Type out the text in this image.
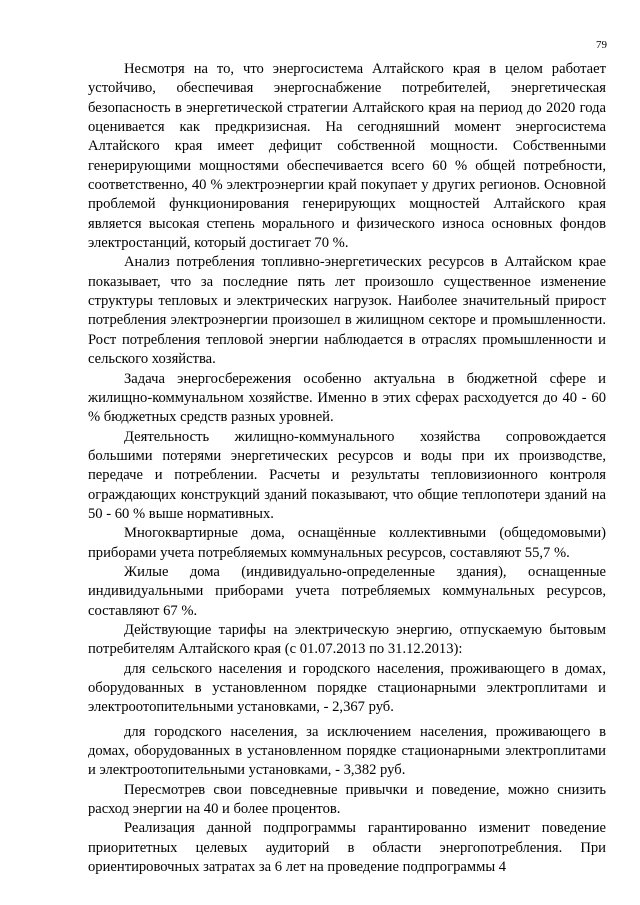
79

Несмотря на то, что энергосистема Алтайского края в целом работает устойчиво, обеспечивая энергоснабжение потребителей, энергетическая безопасность в энергетической стратегии Алтайского края на период до 2020 года оценивается как предкризисная. На сегодняшний момент энергосистема Алтайского края имеет дефицит собственной мощности. Собственными генерирующими мощностями обеспечивается всего 60 % общей потребности, соответственно, 40 % электроэнергии край покупает у других регионов. Основной проблемой функционирования генерирующих мощностей Алтайского края является высокая степень морального и физического износа основных фондов электростанций, который достигает 70 %.

Анализ потребления топливно-энергетических ресурсов в Алтайском крае показывает, что за последние пять лет произошло существенное изменение структуры тепловых и электрических нагрузок. Наиболее значительный прирост потребления электроэнергии произошел в жилищном секторе и промышленности. Рост потребления тепловой энергии наблюдается в отраслях промышленности и сельского хозяйства.

Задача энергосбережения особенно актуальна в бюджетной сфере и жилищно-коммунальном хозяйстве. Именно в этих сферах расходуется до 40 - 60 % бюджетных средств разных уровней.

Деятельность жилищно-коммунального хозяйства сопровождается большими потерями энергетических ресурсов и воды при их производстве, передаче и потреблении. Расчеты и результаты тепловизионного контроля ограждающих конструкций зданий показывают, что общие теплопотери зданий на 50 - 60 % выше нормативных.

Многоквартирные дома, оснащённые коллективными (общедомовыми) приборами учета потребляемых коммунальных ресурсов, составляют 55,7 %.

Жилые дома (индивидуально-определенные здания), оснащенные индивидуальными приборами учета потребляемых коммунальных ресурсов, составляют 67 %.

Действующие тарифы на электрическую энергию, отпускаемую бытовым потребителям Алтайского края (с 01.07.2013 по 31.12.2013):

для сельского населения и городского населения, проживающего в домах, оборудованных в установленном порядке стационарными электроплитами и электроотопительными установками, - 2,367 руб.

для городского населения, за исключением населения, проживающего в домах, оборудованных в установленном порядке стационарными электроплитами и электроотопительными установками, - 3,382 руб.

Пересмотрев свои повседневные привычки и поведение, можно снизить расход энергии на 40 и более процентов.

Реализация данной подпрограммы гарантированно изменит поведение приоритетных целевых аудиторий в области энергопотребления. При ориентировочных затратах за 6 лет на проведение подпрограммы 4
